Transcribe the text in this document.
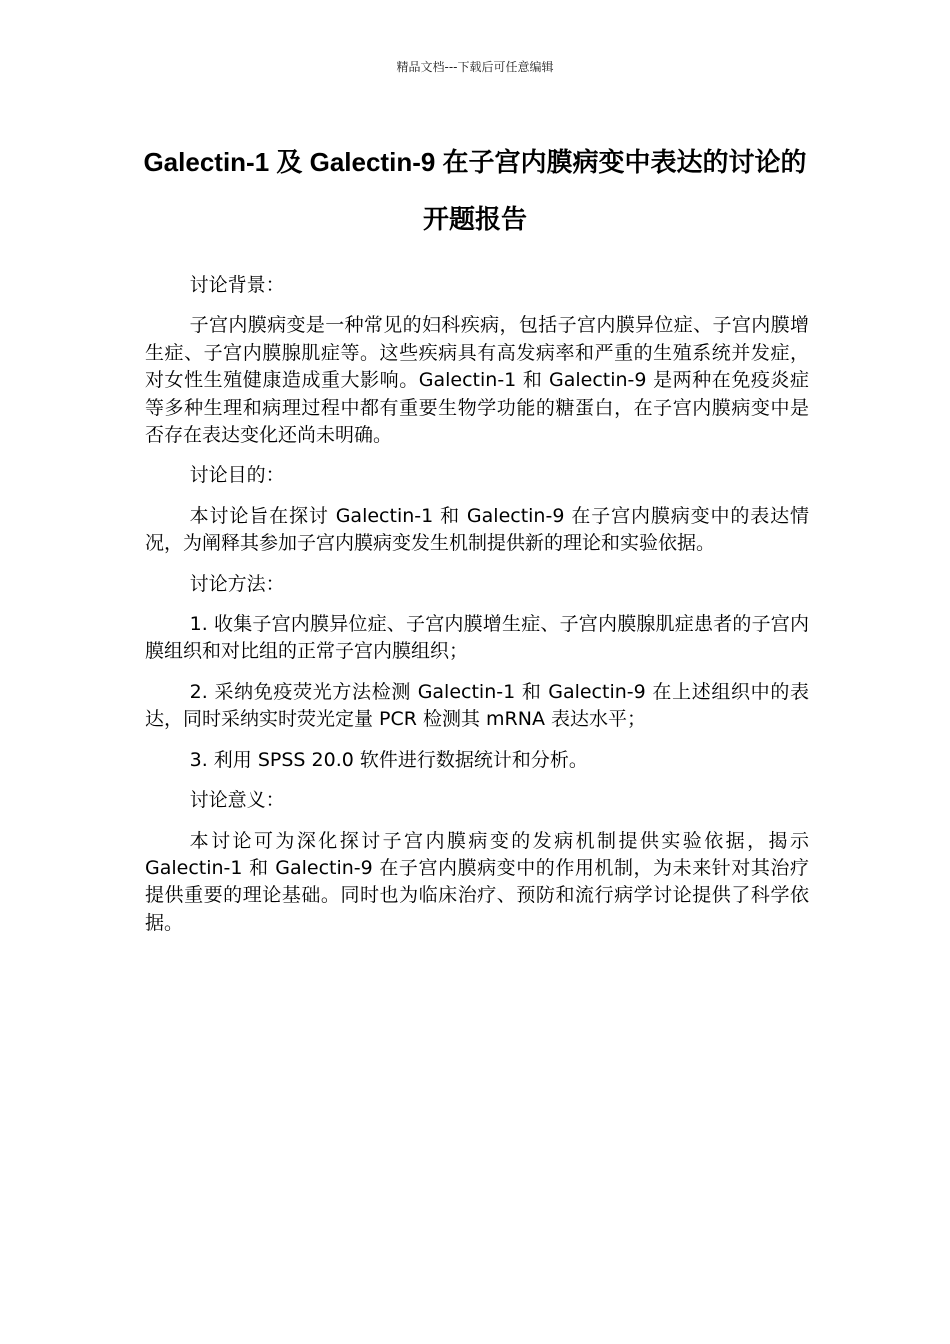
精品文档---下载后可任意编辑
Galectin-1 及 Galectin-9 在子宫内膜病变中表达的讨论的开题报告

讨论背景：

子宫内膜病变是一种常见的妇科疾病，包括子宫内膜异位症、子宫内膜增生症、子宫内膜腺肌症等。这些疾病具有高发病率和严重的生殖系统并发症，对女性生殖健康造成重大影响。Galectin-1 和 Galectin-9 是两种在免疫炎症等多种生理和病理过程中都有重要生物学功能的糖蛋白，在子宫内膜病变中是否存在表达变化还尚未明确。

讨论目的：

本讨论旨在探讨 Galectin-1 和 Galectin-9 在子宫内膜病变中的表达情况，为阐释其参加子宫内膜病变发生机制提供新的理论和实验依据。

讨论方法：

1. 收集子宫内膜异位症、子宫内膜增生症、子宫内膜腺肌症患者的子宫内膜组织和对比组的正常子宫内膜组织；

2. 采纳免疫荧光方法检测 Galectin-1 和 Galectin-9 在上述组织中的表达，同时采纳实时荧光定量 PCR 检测其 mRNA 表达水平；

3. 利用 SPSS 20.0 软件进行数据统计和分析。

讨论意义：

本讨论可为深化探讨子宫内膜病变的发病机制提供实验依据，揭示 Galectin-1 和 Galectin-9 在子宫内膜病变中的作用机制，为未来针对其治疗提供重要的理论基础。同时也为临床治疗、预防和流行病学讨论提供了科学依据。
